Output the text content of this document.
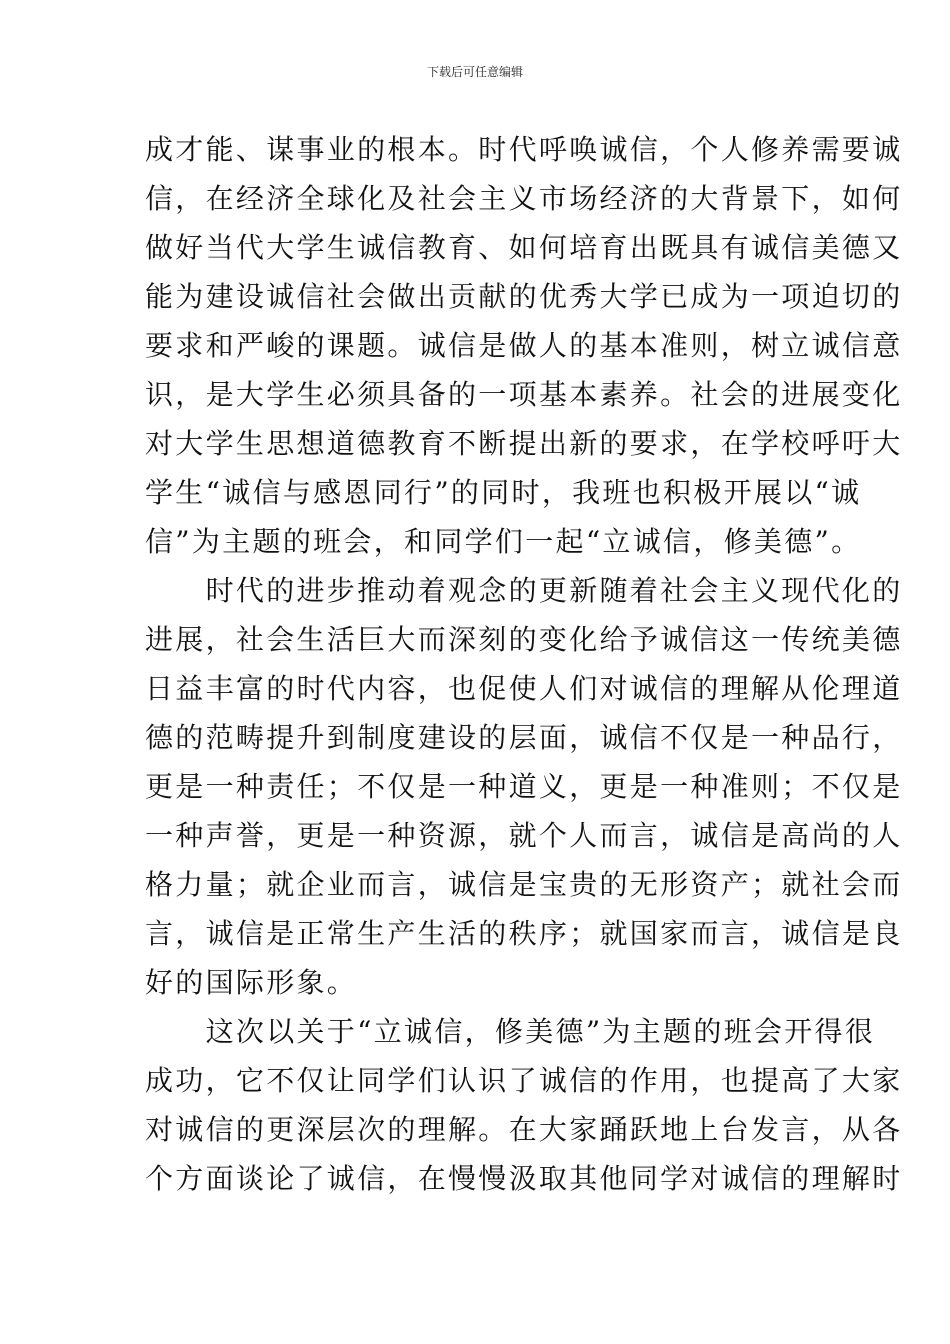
下载后可任意编辑
成才能、谋事业的根本。时代呼唤诚信，个人修养需要诚
信，在经济全球化及社会主义市场经济的大背景下，如何
做好当代大学生诚信教育、如何培育出既具有诚信美德又
能为建设诚信社会做出贡献的优秀大学已成为一项迫切的
要求和严峻的课题。诚信是做人的基本准则，树立诚信意
识，是大学生必须具备的一项基本素养。社会的进展变化
对大学生思想道德教育不断提出新的要求，在学校呼吁大
学生“诚信与感恩同行”的同时，我班也积极开展以“诚
信”为主题的班会，和同学们一起“立诚信，修美德”。
　　时代的进步推动着观念的更新随着社会主义现代化的
进展，社会生活巨大而深刻的变化给予诚信这一传统美德
日益丰富的时代内容，也促使人们对诚信的理解从伦理道
德的范畴提升到制度建设的层面，诚信不仅是一种品行，
更是一种责任；不仅是一种道义，更是一种准则；不仅是
一种声誉，更是一种资源，就个人而言，诚信是高尚的人
格力量；就企业而言，诚信是宝贵的无形资产；就社会而
言，诚信是正常生产生活的秩序；就国家而言，诚信是良
好的国际形象。
　　这次以关于“立诚信，修美德”为主题的班会开得很
成功，它不仅让同学们认识了诚信的作用，也提高了大家
对诚信的更深层次的理解。在大家踊跃地上台发言，从各
个方面谈论了诚信，在慢慢汲取其他同学对诚信的理解时
